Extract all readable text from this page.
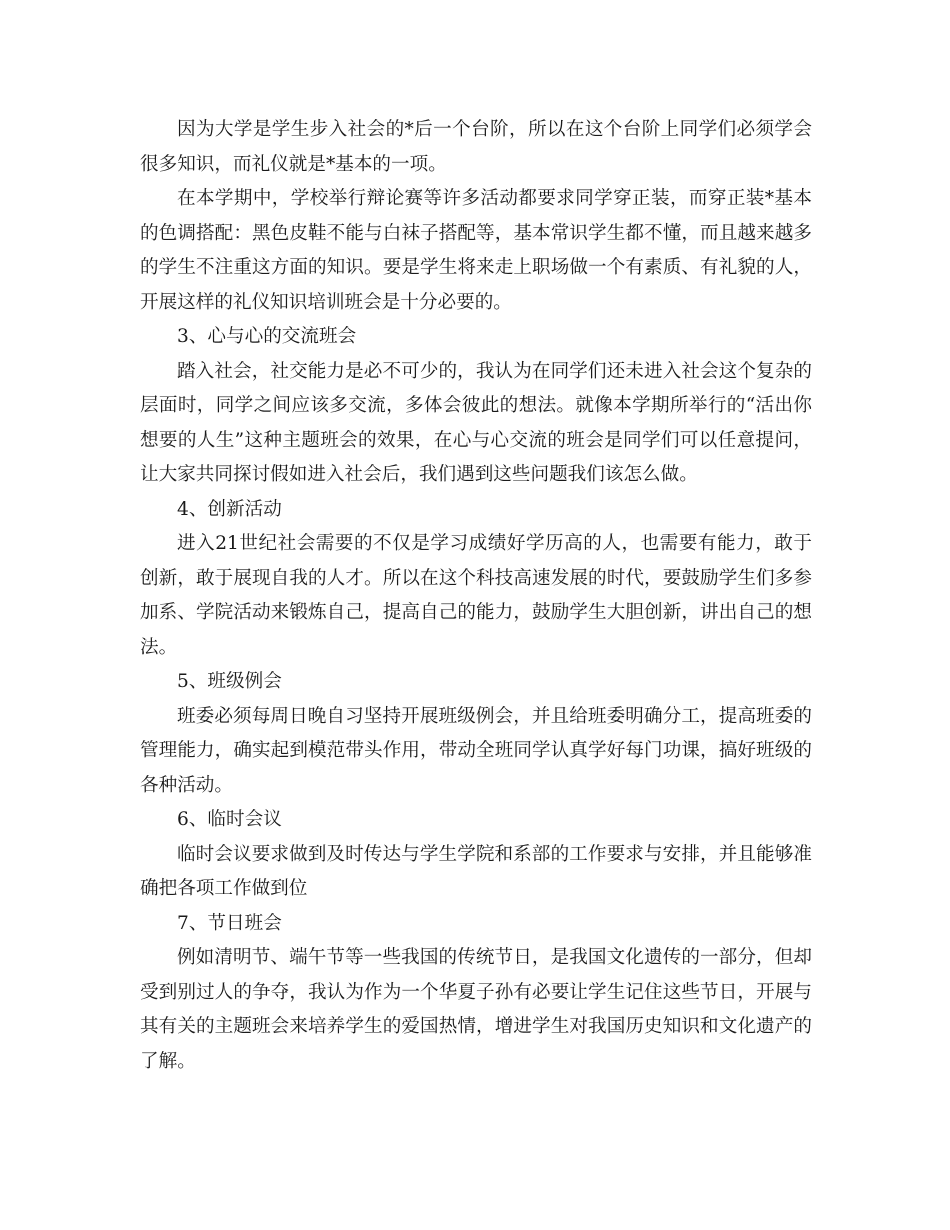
因为大学是学生步入社会的*后一个台阶，所以在这个台阶上同学们必须学会很多知识，而礼仪就是*基本的一项。

在本学期中，学校举行辩论赛等许多活动都要求同学穿正装，而穿正装*基本的色调搭配：黑色皮鞋不能与白袜子搭配等，基本常识学生都不懂，而且越来越多的学生不注重这方面的知识。要是学生将来走上职场做一个有素质、有礼貌的人，开展这样的礼仪知识培训班会是十分必要的。

3、心与心的交流班会

踏入社会，社交能力是必不可少的，我认为在同学们还未进入社会这个复杂的层面时，同学之间应该多交流，多体会彼此的想法。就像本学期所举行的“活出你想要的人生”这种主题班会的效果，在心与心交流的班会是同学们可以任意提问，让大家共同探讨假如进入社会后，我们遇到这些问题我们该怎么做。

4、创新活动

进入21世纪社会需要的不仅是学习成绩好学历高的人，也需要有能力，敢于创新，敢于展现自我的人才。所以在这个科技高速发展的时代，要鼓励学生们多参加系、学院活动来锻炼自己，提高自己的能力，鼓励学生大胆创新，讲出自己的想法。

5、班级例会

班委必须每周日晚自习坚持开展班级例会，并且给班委明确分工，提高班委的管理能力，确实起到模范带头作用，带动全班同学认真学好每门功课，搞好班级的各种活动。

6、临时会议

临时会议要求做到及时传达与学生学院和系部的工作要求与安排，并且能够准确把各项工作做到位

7、节日班会

例如清明节、端午节等一些我国的传统节日，是我国文化遗传的一部分，但却受到别过人的争夺，我认为作为一个华夏子孙有必要让学生记住这些节日，开展与其有关的主题班会来培养学生的爱国热情，增进学生对我国历史知识和文化遗产的了解。
